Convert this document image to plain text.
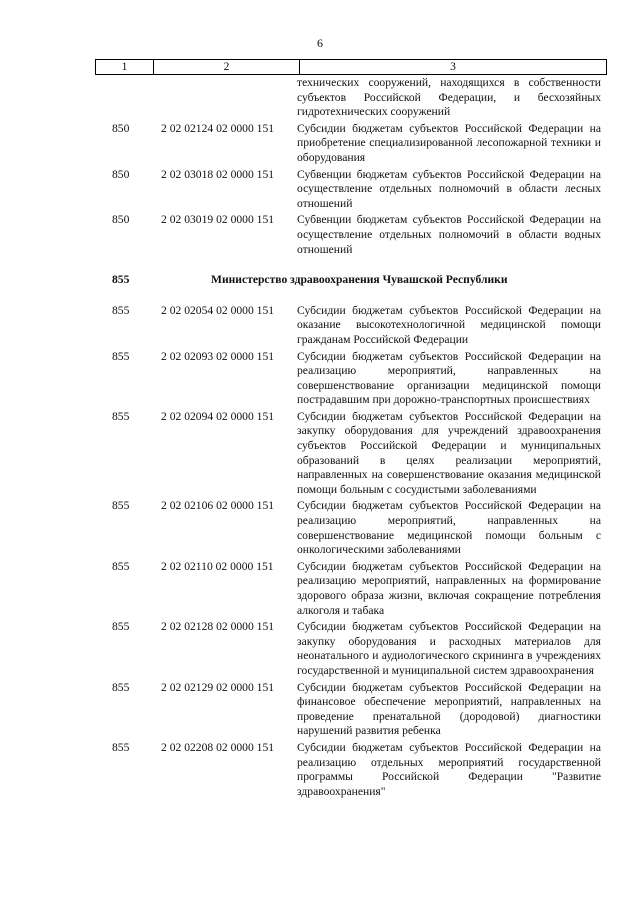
6
1	2	3
технических сооружений, находящихся в собственности субъектов Российской Федерации, и бесхозяйных гидротехнических сооружений
850	2 02 02124 02 0000 151 Субсидии бюджетам субъектов Российской Федерации на приобретение специализированной лесопожарной техники и оборудования
850	2 02 03018 02 0000 151 Субвенции бюджетам субъектов Российской Федерации на осуществление отдельных полномочий в области лесных отношений
850	2 02 03019 02 0000 151 Субвенции бюджетам субъектов Российской Федерации на осуществление отдельных полномочий в области водных отношений
855	Министерство здравоохранения Чувашской Республики
855	2 02 02054 02 0000 151 Субсидии бюджетам субъектов Российской Федерации на оказание высокотехнологичной медицинской помощи гражданам Российской Федерации
855	2 02 02093 02 0000 151 Субсидии бюджетам субъектов Российской Федерации на реализацию мероприятий, направленных на совершенствование организации медицинской помощи пострадавшим при дорожно-транспортных происшествиях
855	2 02 02094 02 0000 151 Субсидии бюджетам субъектов Российской Федерации на закупку оборудования для учреждений здравоохранения субъектов Российской Федерации и муниципальных образований в целях реализации мероприятий, направленных на совершенствование оказания медицинской помощи больным с сосудистыми заболеваниями
855	2 02 02106 02 0000 151 Субсидии бюджетам субъектов Российской Федерации на реализацию мероприятий, направленных на совершенствование медицинской помощи больным с онкологическими заболеваниями
855	2 02 02110 02 0000 151 Субсидии бюджетам субъектов Российской Федерации на реализацию мероприятий, направленных на формирование здорового образа жизни, включая сокращение потребления алкоголя и табака
855	2 02 02128 02 0000 151 Субсидии бюджетам субъектов Российской Федерации на закупку оборудования и расходных материалов для неонатального и аудиологического скрининга в учреждениях государственной и муниципальной систем здравоохранения
855	2 02 02129 02 0000 151 Субсидии бюджетам субъектов Российской Федерации на финансовое обеспечение мероприятий, направленных на проведение пренатальной (дородовой) диагностики нарушений развития ребенка
855	2 02 02208 02 0000 151 Субсидии бюджетам субъектов Российской Федерации на реализацию отдельных мероприятий государственной программы Российской Федерации "Развитие здравоохранения"
